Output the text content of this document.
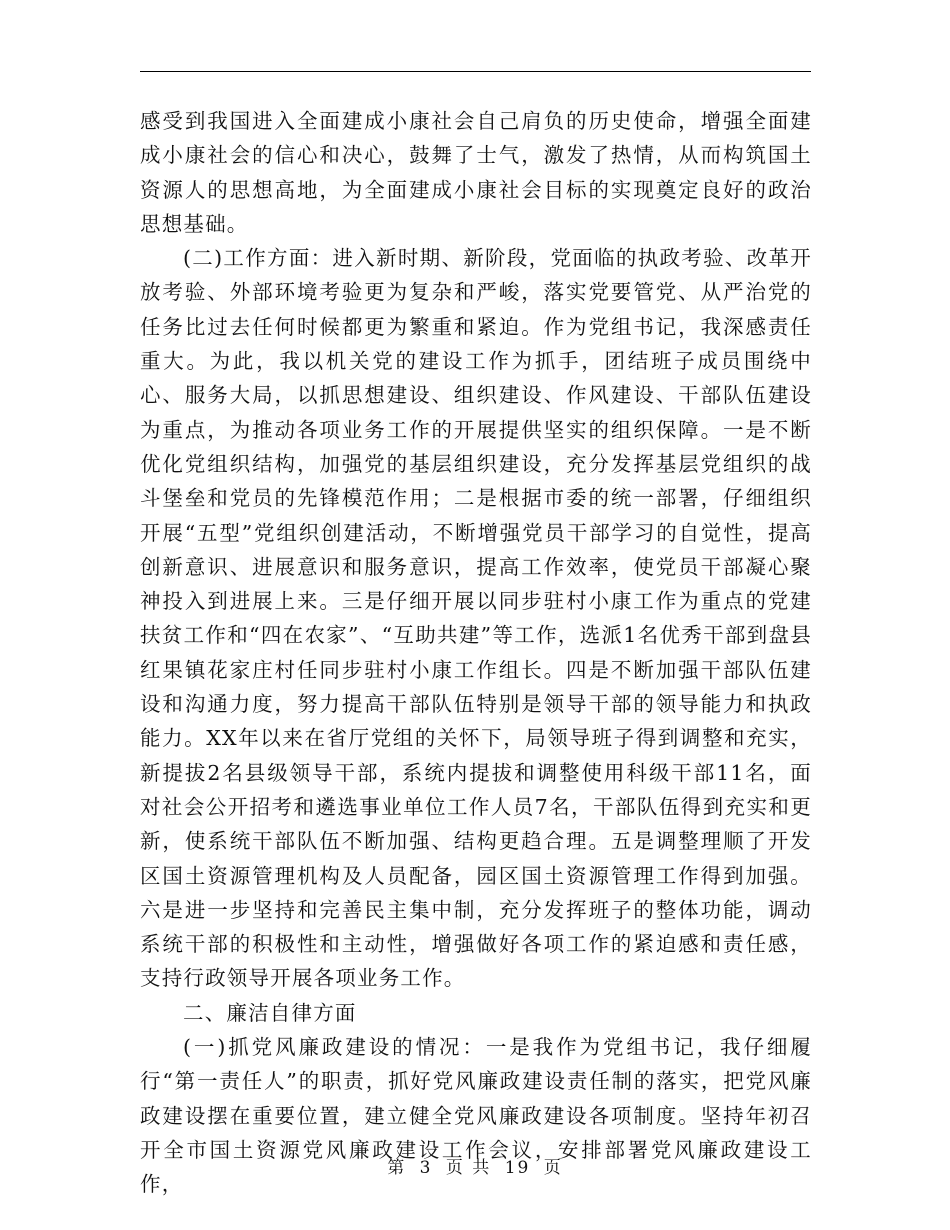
感受到我国进入全面建成小康社会自己肩负的历史使命，增强全面建成小康社会的信心和决心，鼓舞了士气，激发了热情，从而构筑国土资源人的思想高地，为全面建成小康社会目标的实现奠定良好的政治思想基础。

(二)工作方面：进入新时期、新阶段，党面临的执政考验、改革开放考验、外部环境考验更为复杂和严峻，落实党要管党、从严治党的任务比过去任何时候都更为繁重和紧迫。作为党组书记，我深感责任重大。为此，我以机关党的建设工作为抓手，团结班子成员围绕中心、服务大局，以抓思想建设、组织建设、作风建设、干部队伍建设为重点，为推动各项业务工作的开展提供坚实的组织保障。一是不断优化党组织结构，加强党的基层组织建设，充分发挥基层党组织的战斗堡垒和党员的先锋模范作用；二是根据市委的统一部署，仔细组织开展“五型”党组织创建活动，不断增强党员干部学习的自觉性，提高创新意识、进展意识和服务意识，提高工作效率，使党员干部凝心聚神投入到进展上来。三是仔细开展以同步驻村小康工作为重点的党建扶贫工作和“四在农家”、“互助共建”等工作，选派1名优秀干部到盘县红果镇花家庄村任同步驻村小康工作组长。四是不断加强干部队伍建设和沟通力度，努力提高干部队伍特别是领导干部的领导能力和执政能力。XX年以来在省厅党组的关怀下，局领导班子得到调整和充实，新提拔2名县级领导干部，系统内提拔和调整使用科级干部11名，面对社会公开招考和遴选事业单位工作人员7名，干部队伍得到充实和更新，使系统干部队伍不断加强、结构更趋合理。五是调整理顺了开发区国土资源管理机构及人员配备，园区国土资源管理工作得到加强。六是进一步坚持和完善民主集中制，充分发挥班子的整体功能，调动系统干部的积极性和主动性，增强做好各项工作的紧迫感和责任感，支持行政领导开展各项业务工作。

二、廉洁自律方面

(一)抓党风廉政建设的情况：一是我作为党组书记，我仔细履行“第一责任人”的职责，抓好党风廉政建设责任制的落实，把党风廉政建设摆在重要位置，建立健全党风廉政建设各项制度。坚持年初召开全市国土资源党风廉政建设工作会议，安排部署党风廉政建设工作，

第 3 页 共 19 页
